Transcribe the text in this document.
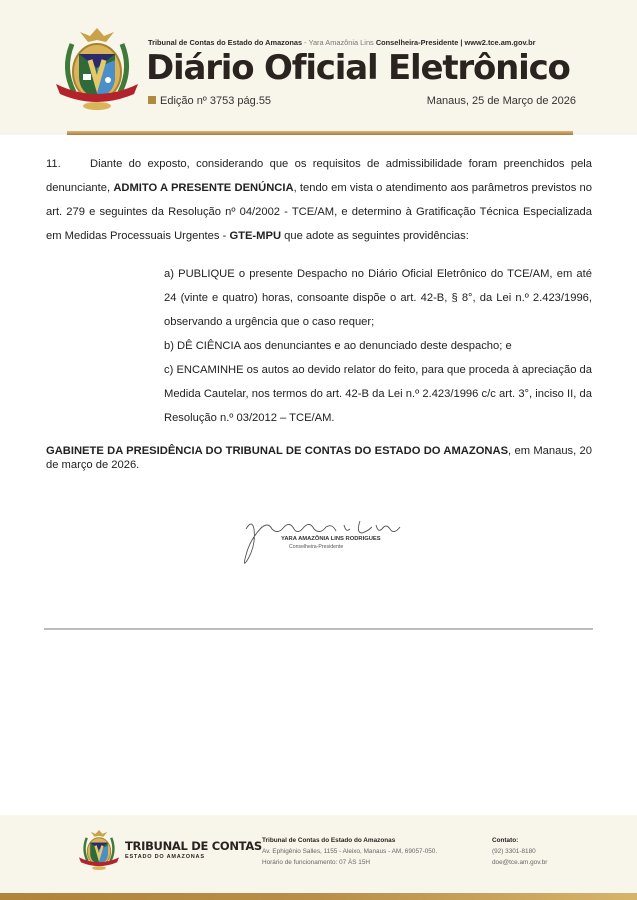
Tribunal de Contas do Estado do Amazonas - Yara Amazônia Lins Conselheira-Presidente | www2.tce.am.gov.br
Diário Oficial Eletrônico
Edição nº 3753 pág.55	Manaus, 25 de Março de 2026
11.	Diante do exposto, considerando que os requisitos de admissibilidade foram preenchidos pela denunciante, ADMITO A PRESENTE DENÚNCIA, tendo em vista o atendimento aos parâmetros previstos no art. 279 e seguintes da Resolução nº 04/2002 - TCE/AM, e determino à Gratificação Técnica Especializada em Medidas Processuais Urgentes - GTE-MPU que adote as seguintes providências:
a) PUBLIQUE o presente Despacho no Diário Oficial Eletrônico do TCE/AM, em até 24 (vinte e quatro) horas, consoante dispõe o art. 42-B, § 8°, da Lei n.º 2.423/1996, observando a urgência que o caso requer;
b) DÊ CIÊNCIA aos denunciantes e ao denunciado deste despacho; e
c) ENCAMINHE os autos ao devido relator do feito, para que proceda à apreciação da Medida Cautelar, nos termos do art. 42-B da Lei n.º 2.423/1996 c/c art. 3°, inciso II, da Resolução n.º 03/2012 – TCE/AM.
GABINETE DA PRESIDÊNCIA DO TRIBUNAL DE CONTAS DO ESTADO DO AMAZONAS, em Manaus, 20 de março de 2026.
YARA AMAZÔNIA LINS RODRIGUES
Conselheira-Presidente
TRIBUNAL DE CONTAS
ESTADO DO AMAZONAS
Tribunal de Contas do Estado do Amazonas
Av. Ephigênio Salles, 1155 - Aleixo, Manaus - AM, 69057-050.
Horário de funcionamento: 07 ÀS 15H
Contato:
(92) 3301-8180
doe@tce.am.gov.br
